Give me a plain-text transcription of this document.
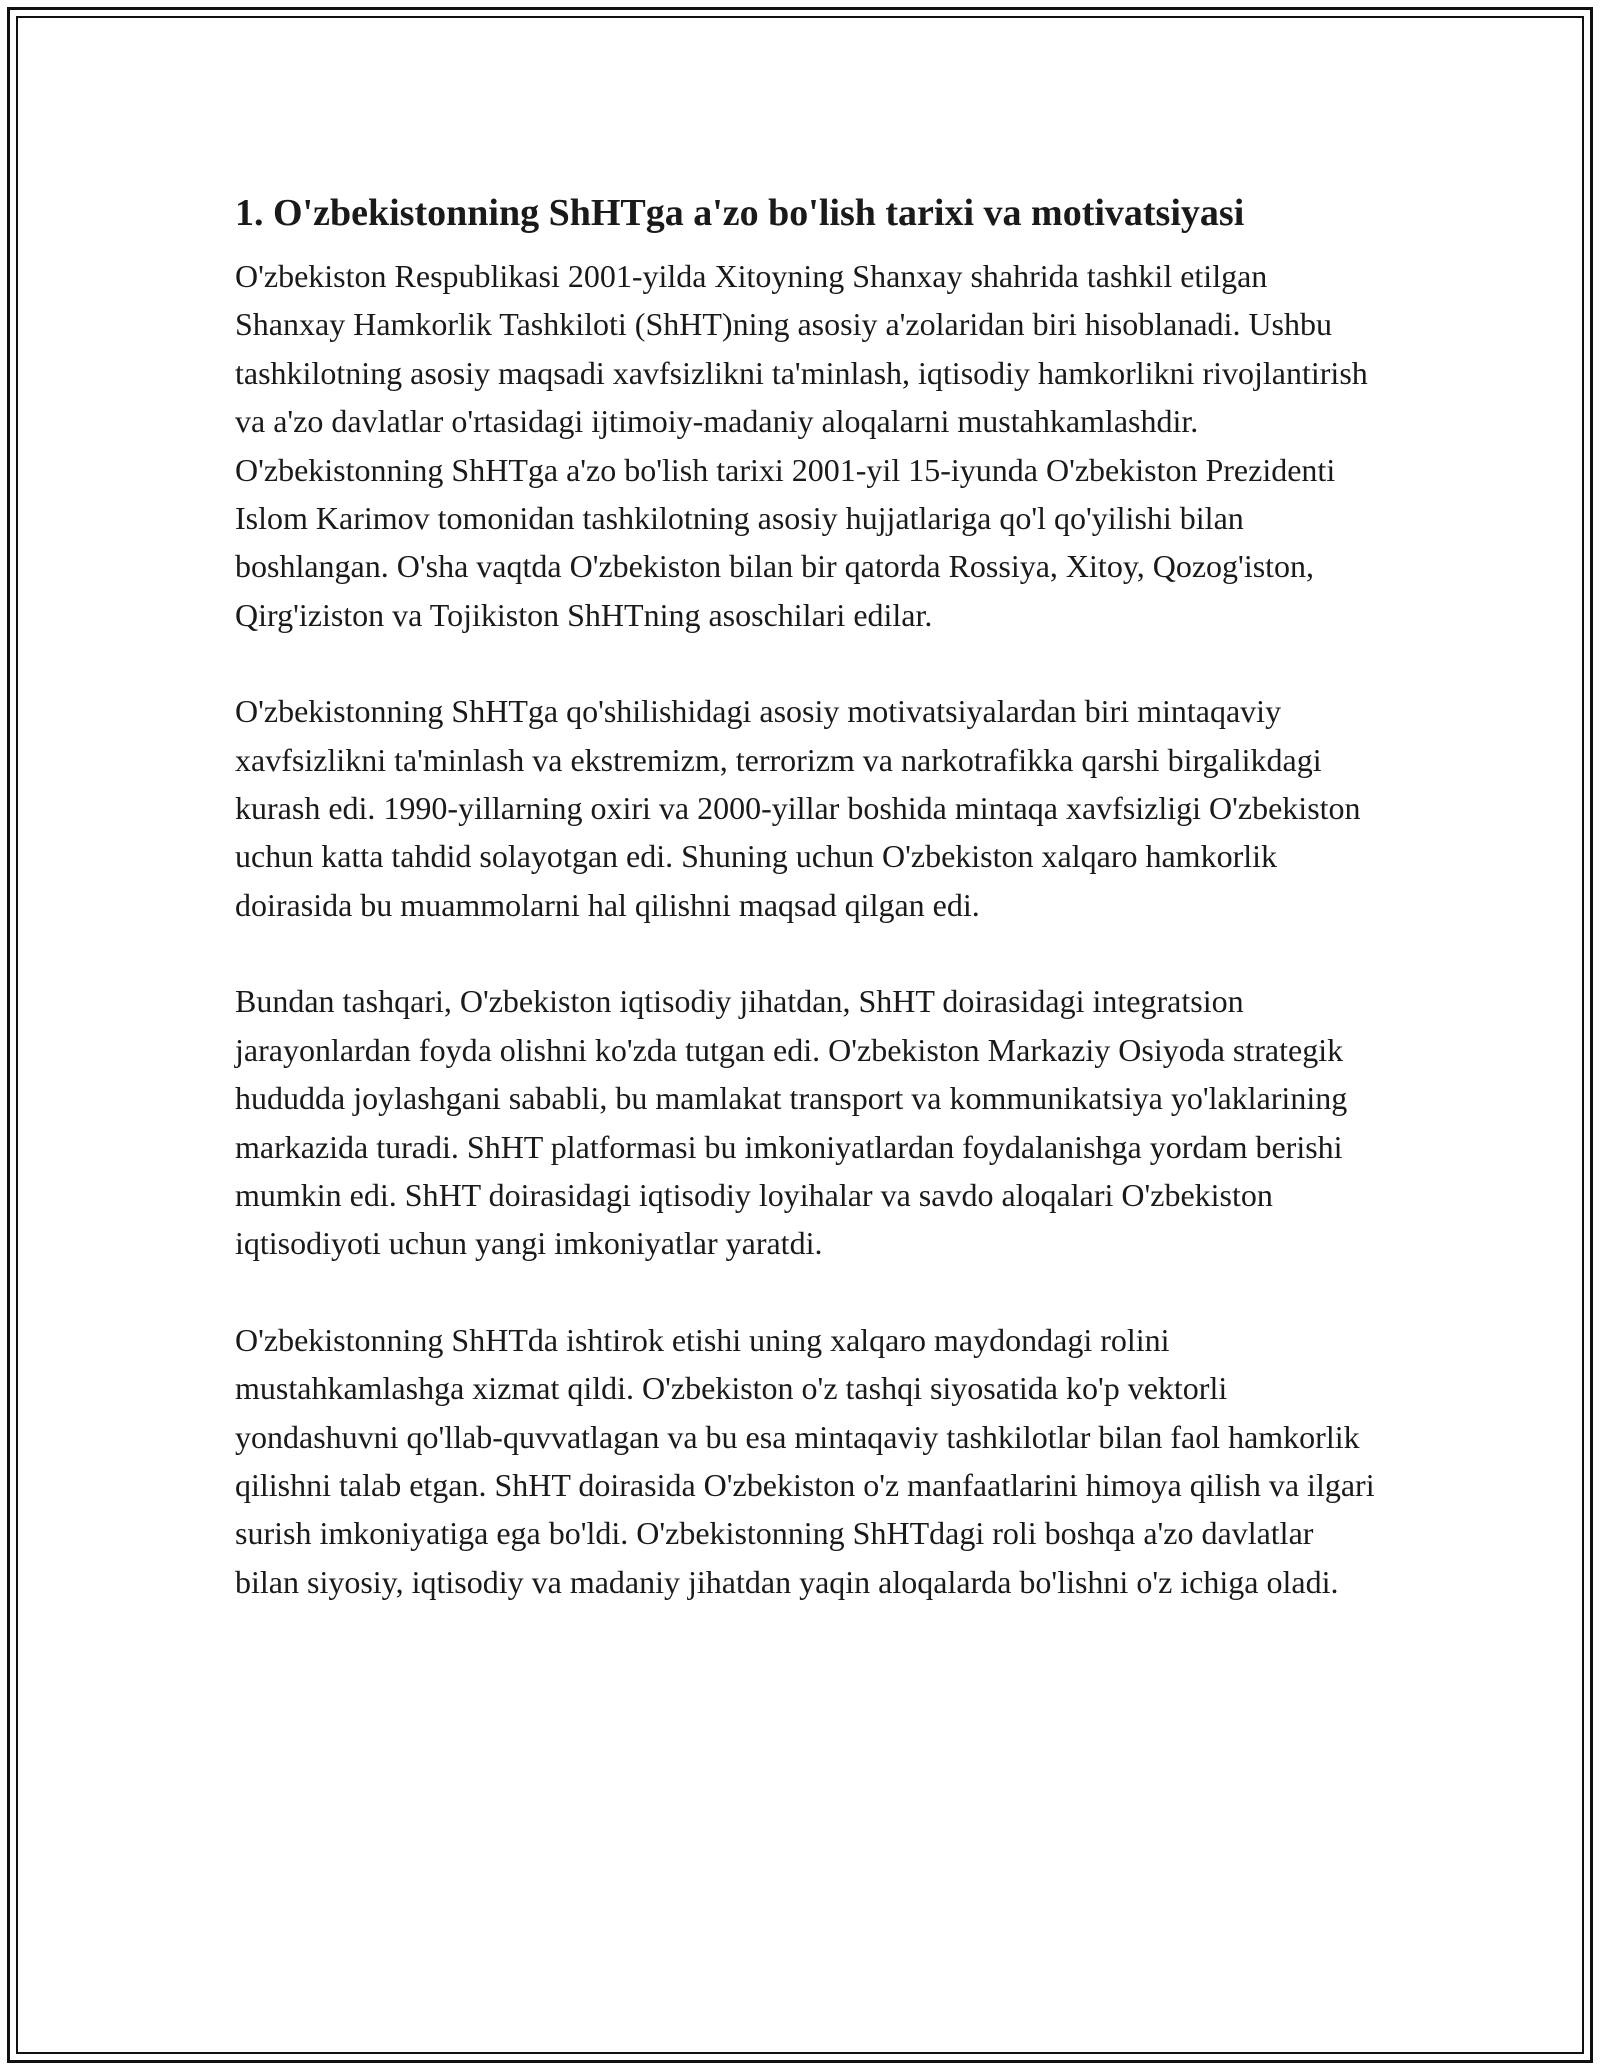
1. O'zbekistonning ShHTga a'zo bo'lish tarixi va motivatsiyasi

O'zbekiston Respublikasi 2001-yilda Xitoyning Shanxay shahrida tashkil etilgan Shanxay Hamkorlik Tashkiloti (ShHT)ning asosiy a'zolaridan biri hisoblanadi. Ushbu tashkilotning asosiy maqsadi xavfsizlikni ta'minlash, iqtisodiy hamkorlikni rivojlantirish va a'zo davlatlar o'rtasidagi ijtimoiy-madaniy aloqalarni mustahkamlashdir. O'zbekistonning ShHTga a'zo bo'lish tarixi 2001-yil 15-iyunda O'zbekiston Prezidenti Islom Karimov tomonidan tashkilotning asosiy hujjatlariga qo'l qo'yilishi bilan boshlangan. O'sha vaqtda O'zbekiston bilan bir qatorda Rossiya, Xitoy, Qozog'iston, Qirg'iziston va Tojikiston ShHTning asoschilari edilar.

O'zbekistonning ShHTga qo'shilishidagi asosiy motivatsiyalardan biri mintaqaviy xavfsizlikni ta'minlash va ekstremizm, terrorizm va narkotrafikka qarshi birgalikdagi kurash edi. 1990-yillarning oxiri va 2000-yillar boshida mintaqa xavfsizligi O'zbekiston uchun katta tahdid solayotgan edi. Shuning uchun O'zbekiston xalqaro hamkorlik doirasida bu muammolarni hal qilishni maqsad qilgan edi.

Bundan tashqari, O'zbekiston iqtisodiy jihatdan, ShHT doirasidagi integratsion jarayonlardan foyda olishni ko'zda tutgan edi. O'zbekiston Markaziy Osiyoda strategik hududda joylashgani sababli, bu mamlakat transport va kommunikatsiya yo'laklarining markazida turadi. ShHT platformasi bu imkoniyatlardan foydalanishga yordam berishi mumkin edi. ShHT doirasidagi iqtisodiy loyihalar va savdo aloqalari O'zbekiston iqtisodiyoti uchun yangi imkoniyatlar yaratdi.

O'zbekistonning ShHTda ishtirok etishi uning xalqaro maydondagi rolini mustahkamlashga xizmat qildi. O'zbekiston o'z tashqi siyosatida ko'p vektorli yondashuvni qo'llab-quvvatlagan va bu esa mintaqaviy tashkilotlar bilan faol hamkorlik qilishni talab etgan. ShHT doirasida O'zbekiston o'z manfaatlarini himoya qilish va ilgari surish imkoniyatiga ega bo'ldi. O'zbekistonning ShHTdagi roli boshqa a'zo davlatlar bilan siyosiy, iqtisodiy va madaniy jihatdan yaqin aloqalarda bo'lishni o'z ichiga oladi.
